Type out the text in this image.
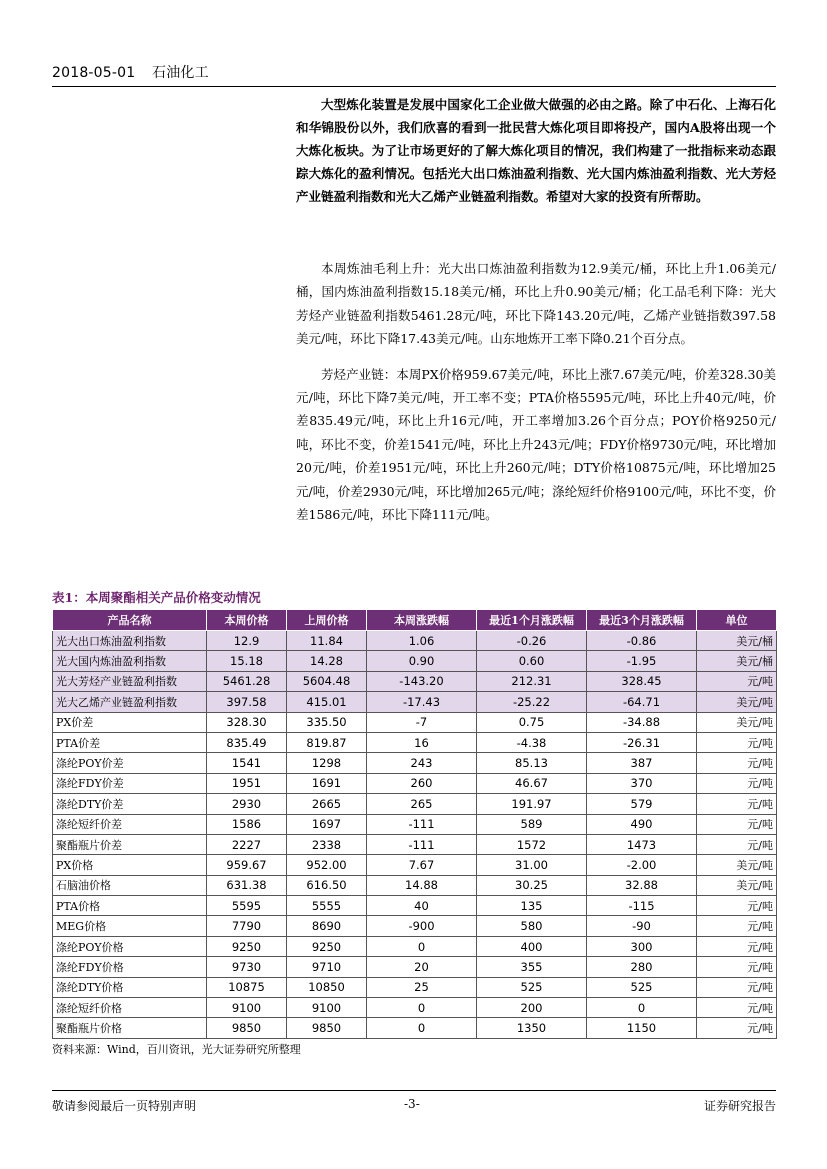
2018-05-01 石油化工

大型炼化装置是发展中国家化工企业做大做强的必由之路。除了中石化、上海石化和华锦股份以外，我们欣喜的看到一批民营大炼化项目即将投产，国内A股将出现一个大炼化板块。为了让市场更好的了解大炼化项目的情况，我们构建了一批指标来动态跟踪大炼化的盈利情况。包括光大出口炼油盈利指数、光大国内炼油盈利指数、光大芳烃产业链盈利指数和光大乙烯产业链盈利指数。希望对大家的投资有所帮助。

本周炼油毛利上升：光大出口炼油盈利指数为12.9美元/桶，环比上升1.06美元/桶，国内炼油盈利指数15.18美元/桶，环比上升0.90美元/桶；化工品毛利下降：光大芳烃产业链盈利指数5461.28元/吨，环比下降143.20元/吨，乙烯产业链指数397.58美元/吨，环比下降17.43美元/吨。山东地炼开工率下降0.21个百分点。

芳烃产业链：本周PX价格959.67美元/吨，环比上涨7.67美元/吨，价差328.30美元/吨，环比下降7美元/吨，开工率不变；PTA价格5595元/吨，环比上升40元/吨，价差835.49元/吨，环比上升16元/吨，开工率增加3.26个百分点；POY价格9250元/吨，环比不变，价差1541元/吨，环比上升243元/吨；FDY价格9730元/吨，环比增加20元/吨，价差1951元/吨，环比上升260元/吨；DTY价格10875元/吨，环比增加25元/吨，价差2930元/吨，环比增加265元/吨；涤纶短纤价格9100元/吨，环比不变，价差1586元/吨，环比下降111元/吨。

表1：本周聚酯相关产品价格变动情况
产品名称	本周价格	上周价格	本周涨跌幅	最近1个月涨跌幅	最近3个月涨跌幅	单位
光大出口炼油盈利指数	12.9	11.84	1.06	-0.26	-0.86	美元/桶
光大国内炼油盈利指数	15.18	14.28	0.90	0.60	-1.95	美元/桶
光大芳烃产业链盈利指数	5461.28	5604.48	-143.20	212.31	328.45	元/吨
光大乙烯产业链盈利指数	397.58	415.01	-17.43	-25.22	-64.71	美元/吨
PX价差	328.30	335.50	-7	0.75	-34.88	美元/吨
PTA价差	835.49	819.87	16	-4.38	-26.31	元/吨
涤纶POY价差	1541	1298	243	85.13	387	元/吨
涤纶FDY价差	1951	1691	260	46.67	370	元/吨
涤纶DTY价差	2930	2665	265	191.97	579	元/吨
涤纶短纤价差	1586	1697	-111	589	490	元/吨
聚酯瓶片价差	2227	2338	-111	1572	1473	元/吨
PX价格	959.67	952.00	7.67	31.00	-2.00	美元/吨
石脑油价格	631.38	616.50	14.88	30.25	32.88	美元/吨
PTA价格	5595	5555	40	135	-115	元/吨
MEG价格	7790	8690	-900	580	-90	元/吨
涤纶POY价格	9250	9250	0	400	300	元/吨
涤纶FDY价格	9730	9710	20	355	280	元/吨
涤纶DTY价格	10875	10850	25	525	525	元/吨
涤纶短纤价格	9100	9100	0	200	0	元/吨
聚酯瓶片价格	9850	9850	0	1350	1150	元/吨
资料来源：Wind，百川资讯，光大证券研究所整理
敬请参阅最后一页特别声明	-3-	证券研究报告
